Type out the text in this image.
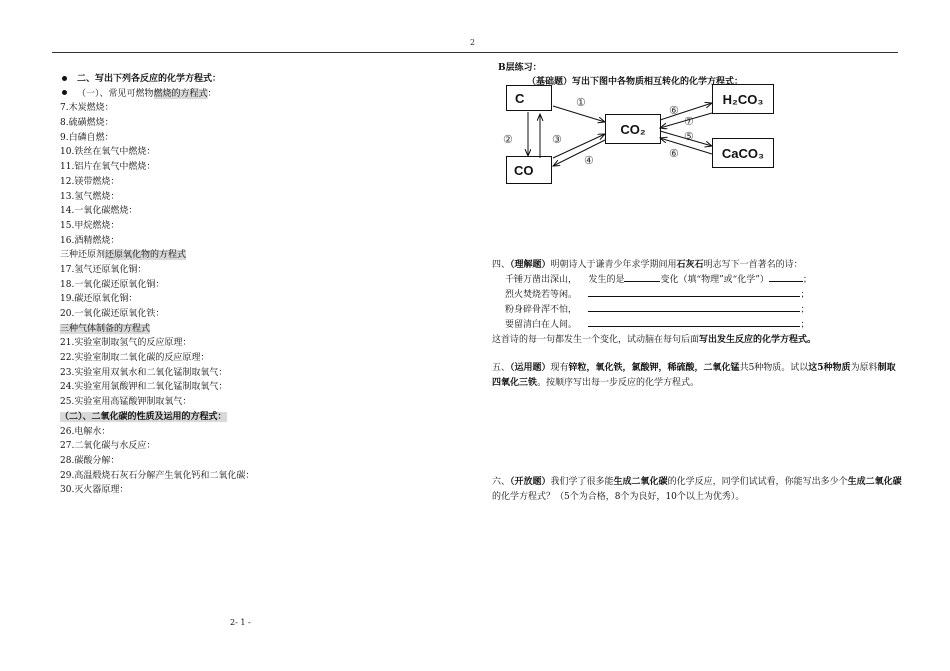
2
二、写出下列各反应的化学方程式：
（一）、常见可燃物燃烧的方程式：
7.木炭燃烧：
8.硫磺燃烧：
9.白磷自燃：
10.铁丝在氧气中燃烧：
11.铝片在氧气中燃烧：
12.镁带燃烧：
13.氢气燃烧：
14.一氧化碳燃烧：
15.甲烷燃烧：
16.酒精燃烧：
三种还原剂还原氧化物的方程式
17.氢气还原氧化铜：
18.一氧化碳还原氧化铜：
19.碳还原氧化铜：
20.一氧化碳还原氧化铁：
三种气体制备的方程式
21.实验室制取氢气的反应原理：
22.实验室制取二氧化碳的反应原理：
23.实验室用双氧水和二氧化锰制取氧气：
24.实验室用氯酸钾和二氧化锰制取氧气：
25.实验室用高锰酸钾制取氧气：
（二）、二氧化碳的性质及运用的方程式：
26.电解水：
27.二氧化碳与水反应：
28.碳酸分解：
29.高温煅烧石灰石分解产生氧化钙和二氧化碳：
30.灭火器原理：
B层练习：
（基础题）写出下图中各物质相互转化的化学方程式：
C
CO₂
CO
H₂CO₃
CaCO₃
①
②	③
④
⑤
⑥
⑦
⑥
四、（理解题）明朝诗人于谦青少年求学期间用石灰石明志写下一首著名的诗：
千锤万凿出深山， 发生的是	变化（填“物理”或“化学”）	；
烈火焚烧若等闲。	；
粉身碎骨浑不怕，	；
要留清白在人间。	；
这首诗的每一句都发生一个变化，试动脑在每句后面写出发生反应的化学方程式。
五、（运用题）现有锌粒，氧化铁，氯酸钾，稀硫酸，二氧化锰共5种物质。试以这5种物质为原料制取四氧化三铁。按顺序写出每一步反应的化学方程式。
六、（开放题）我们学了很多能生成二氧化碳的化学反应，同学们试试看，你能写出多少个生成二氧化碳的化学方程式？（5个为合格，8个为良好，10个以上为优秀）。
2- 1 -
